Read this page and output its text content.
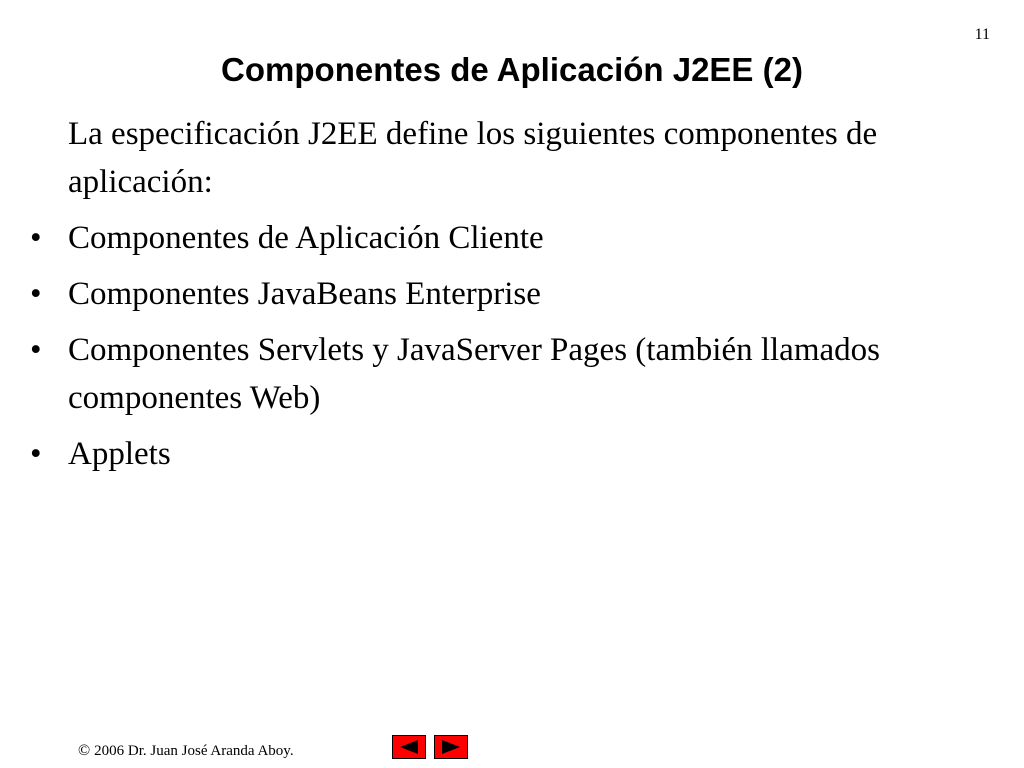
11
Componentes de Aplicación J2EE (2)

La especificación J2EE define los siguientes componentes de aplicación:

• Componentes de Aplicación Cliente
• Componentes JavaBeans Enterprise
• Componentes Servlets y JavaServer Pages (también llamados componentes Web)
• Applets
© 2006 Dr. Juan José Aranda Aboy.
